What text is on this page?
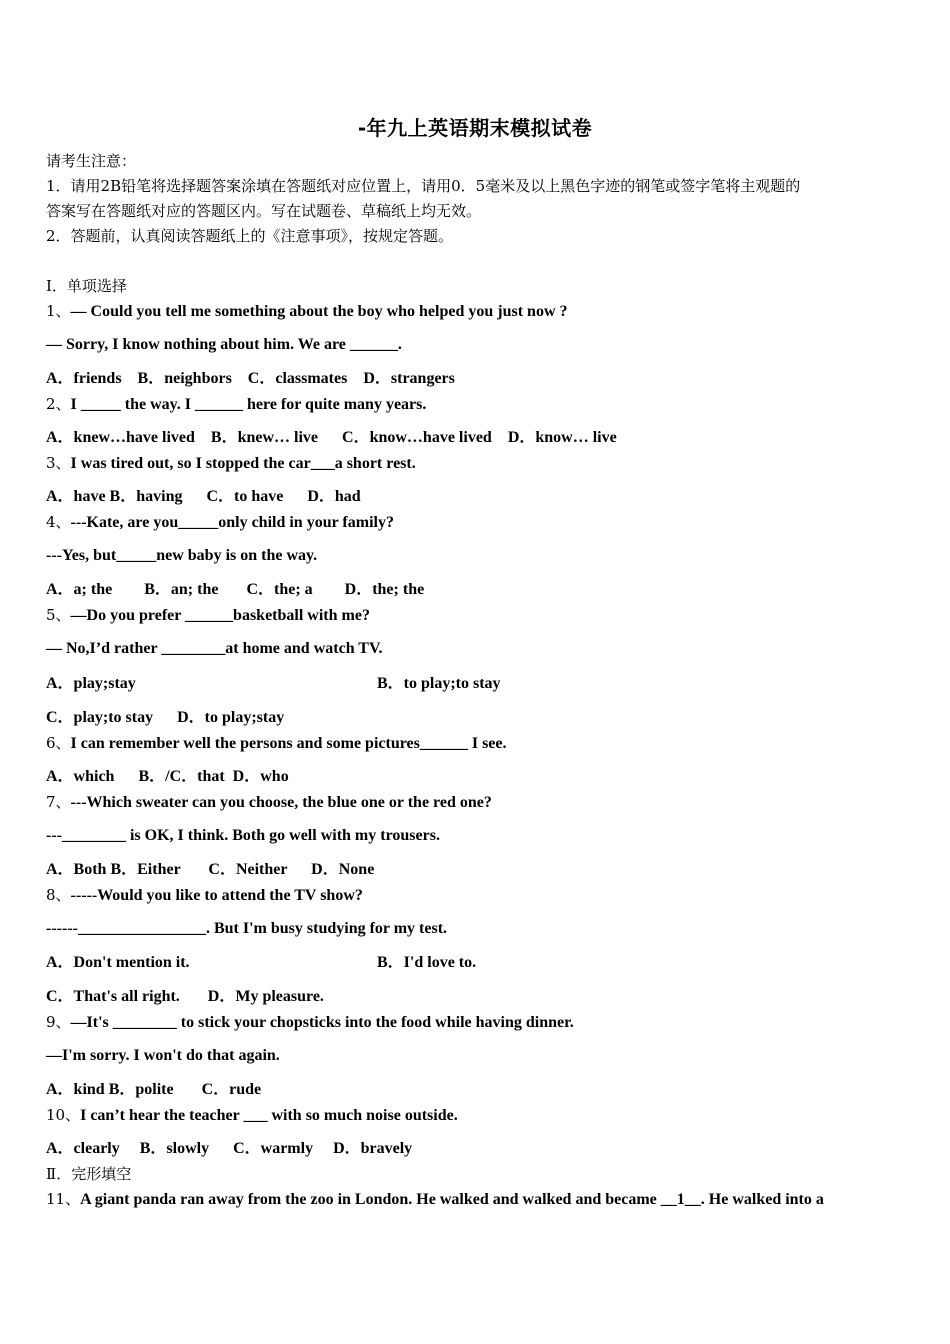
-年九上英语期末模拟试卷
请考生注意：
1．请用2B铅笔将选择题答案涂填在答题纸对应位置上，请用0．5毫米及以上黑色字迹的钢笔或签字笔将主观题的
答案写在答题纸对应的答题区内。写在试题卷、草稿纸上均无效。
2．答题前，认真阅读答题纸上的《注意事项》，按规定答题。
Ⅰ．单项选择
1、— Could you tell me something about the boy who helped you just now ?
— Sorry, I know nothing about him. We are ______.
A．friends    B．neighbors    C．classmates    D．strangers
2、I _____ the way. I ______ here for quite many years.
A．knew…have lived    B．knew… live      C．know…have lived    D．know… live
3、I was tired out, so I stopped the car___a short rest.
A．have B．having      C．to have      D．had
4、---Kate, are you_____only child in your family?
---Yes, but_____new baby is on the way.
A．a; the        B．an; the       C．the; a        D．the; the
5、—Do you prefer ______basketball with me?
— No,I’d rather ________at home and watch TV.
A．play;stay	B．to play;to stay
C．play;to stay      D．to play;stay
6、I can remember well the persons and some pictures______ I see.
A．which      B．/C．that  D．who
7、---Which sweater can you choose, the blue one or the red one?
---________ is OK, I think. Both go well with my trousers.
A．Both B．Either       C．Neither      D．None
8、-----Would you like to attend the TV show?
------________________. But I'm busy studying for my test.
A．Don't mention it.	B．I'd love to.
C．That's all right.       D．My pleasure.
9、—It's ________ to stick your chopsticks into the food while having dinner.
—I'm sorry. I won't do that again.
A．kind B．polite       C．rude
10、I can’t hear the teacher ___ with so much noise outside.
A．clearly     B．slowly      C．warmly     D．bravely
Ⅱ．完形填空
11、A giant panda ran away from the zoo in London. He walked and walked and became __1__. He walked into a
